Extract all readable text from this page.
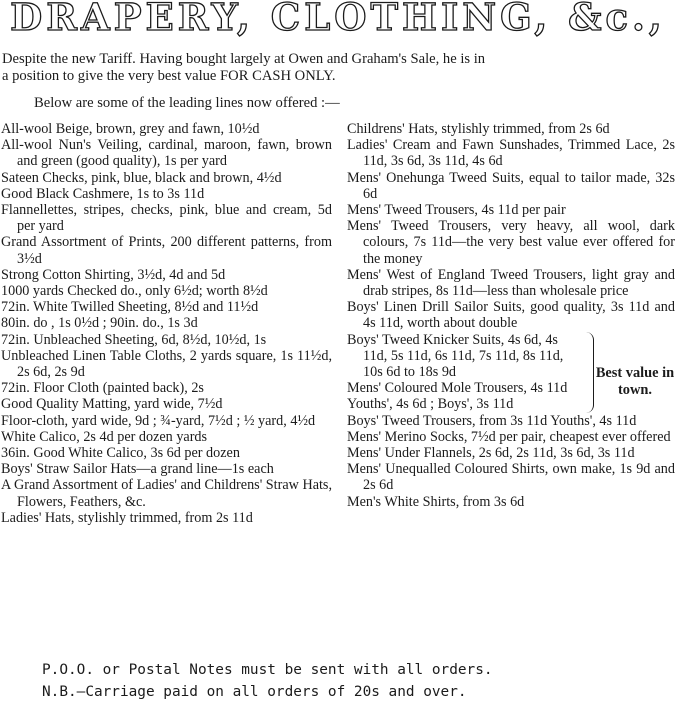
DRAPERY, CLOTHING, &c.,
Despite the new Tariff. Having bought largely at Owen and Graham's Sale, he is in
a position to give the very best value FOR CASH ONLY.
Below are some of the leading lines now offered :—

All-wool Beige, brown, grey and fawn, 10½d

All-wool Nun's Veiling, cardinal, maroon, fawn, brown and green (good quality), 1s per yard

Sateen Checks, pink, blue, black and brown, 4½d

Good Black Cashmere, 1s to 3s 11d

Flannellettes, stripes, checks, pink, blue and cream, 5d per yard

Grand Assortment of Prints, 200 different patterns, from 3½d

Strong Cotton Shirting, 3½d, 4d and 5d

1000 yards Checked do., only 6½d; worth 8½d

72in. White Twilled Sheeting, 8½d and 11½d

80in. do , 1s 0½d ; 90in. do., 1s 3d

72in. Unbleached Sheeting, 6d, 8½d, 10½d, 1s

Unbleached Linen Table Cloths, 2 yards square, 1s 11½d, 2s 6d, 2s 9d

72in. Floor Cloth (painted back), 2s

Good Quality Matting, yard wide, 7½d

Floor-cloth, yard wide, 9d ; ¾-yard, 7½d ; ½ yard, 4½d

White Calico, 2s 4d per dozen yards

36in. Good White Calico, 3s 6d per dozen

Boys' Straw Sailor Hats—a grand line—1s each

A Grand Assortment of Ladies' and Childrens' Straw Hats, Flowers, Feathers, &c.

Ladies' Hats, stylishly trimmed, from 2s 11d

Childrens' Hats, stylishly trimmed, from 2s 6d

Ladies' Cream and Fawn Sunshades, Trimmed Lace, 2s 11d, 3s 6d, 3s 11d, 4s 6d

Mens' Onehunga Tweed Suits, equal to tailor made, 32s 6d

Mens' Tweed Trousers, 4s 11d per pair

Mens' Tweed Trousers, very heavy, all wool, dark colours, 7s 11d—the very best value ever offered for the money

Mens' West of England Tweed Trousers, light gray and drab stripes, 8s 11d—less than wholesale price

Boys' Linen Drill Sailor Suits, good quality, 3s 11d and 4s 11d, worth about double

Boys' Tweed Knicker Suits, 4s 6d, 4s 11d, 5s 11d, 6s 11d, 7s 11d, 8s 11d, 10s 6d to 18s 9d

Mens' Coloured Mole Trousers, 4s 11d

Youths', 4s 6d ; Boys', 3s 11d

Best value in town.

Boys' Tweed Trousers, from 3s 11d Youths', 4s 11d

Mens' Merino Socks, 7½d per pair, cheapest ever offered

Mens' Under Flannels, 2s 6d, 2s 11d, 3s 6d, 3s 11d

Mens' Unequalled Coloured Shirts, own make, 1s 9d and 2s 6d

Men's White Shirts, from 3s 6d

P.O.O. or Postal Notes must be sent with all orders.
N.B.—Carriage paid on all orders of 20s and over.
